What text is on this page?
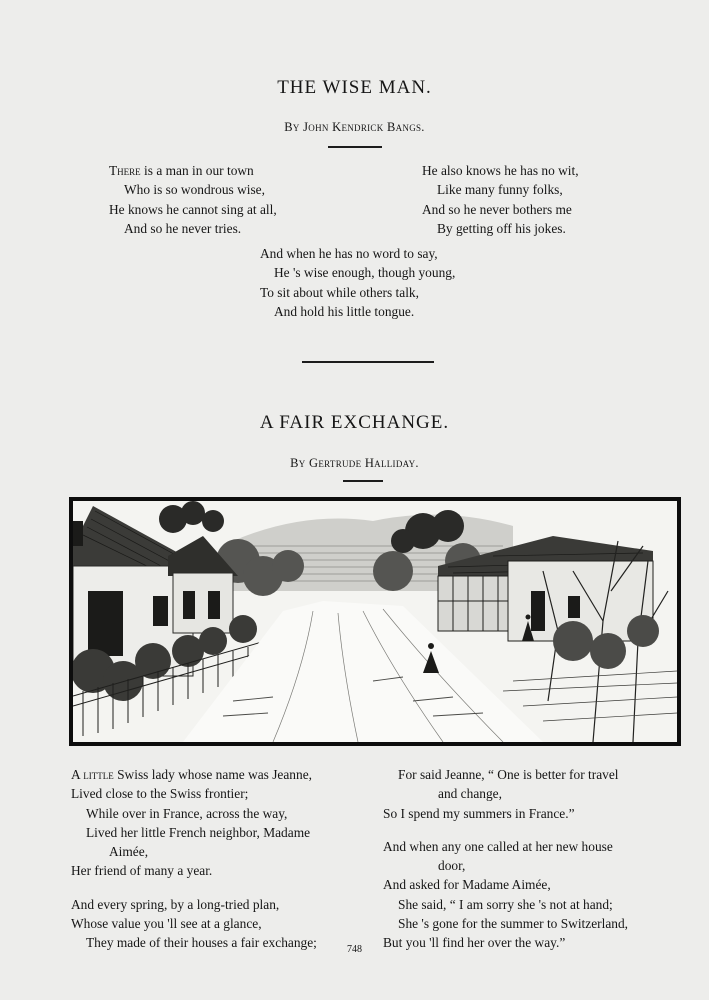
THE WISE MAN.
By John Kendrick Bangs.
There is a man in our town
Who is so wondrous wise,
He knows he cannot sing at all,
And so he never tries.
He also knows he has no wit,
Like many funny folks,
And so he never bothers me
By getting off his jokes.
And when he has no word to say,
He 's wise enough, though young,
To sit about while others talk,
And hold his little tongue.
A FAIR EXCHANGE.
By Gertrude Halliday.
A little Swiss lady whose name was Jeanne,
Lived close to the Swiss frontier;
While over in France, across the way,
Lived her little French neighbor, Madame
Aimée,
Her friend of many a year.
And every spring, by a long-tried plan,
Whose value you 'll see at a glance,
They made of their houses a fair exchange;
For said Jeanne, “ One is better for travel
and change,
So I spend my summers in France.”
And when any one called at her new house
door,
And asked for Madame Aimée,
She said, “ I am sorry she 's not at hand;
She 's gone for the summer to Switzerland,
But you 'll find her over the way.”
748
